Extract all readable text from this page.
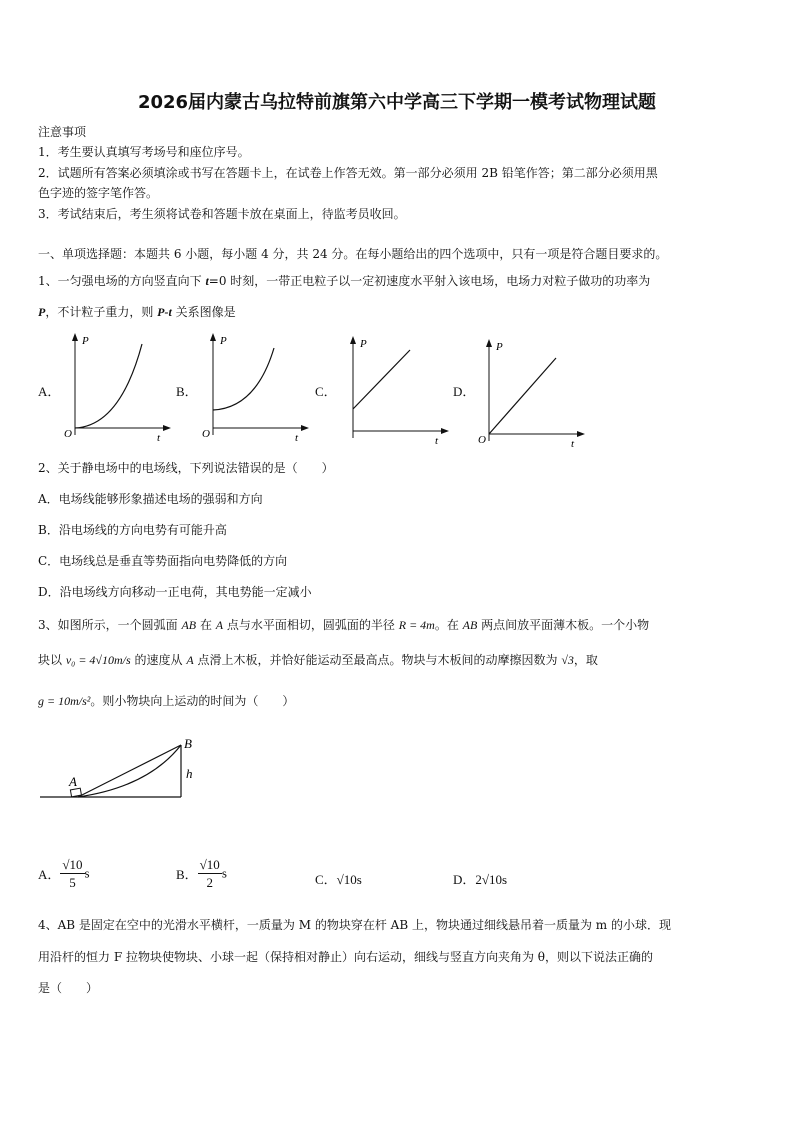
2026届内蒙古乌拉特前旗第六中学高三下学期一模考试物理试题
注意事项
1．考生要认真填写考场号和座位序号。
2．试题所有答案必须填涂或书写在答题卡上，在试卷上作答无效。第一部分必须用 2B 铅笔作答；第二部分必须用黑
色字迹的签字笔作答。
3．考试结束后，考生须将试卷和答题卡放在桌面上，待监考员收回。
一、单项选择题：本题共 6 小题，每小题 4 分，共 24 分。在每小题给出的四个选项中，只有一项是符合题目要求的。
1、一匀强电场的方向竖直向下 t=0 时刻，一带正电粒子以一定初速度水平射入该电场，电场力对粒子做功的功率为
P，不计粒子重力，则 P-t 关系图像是
A．	B．	C．	D．
P
O	t
P
O	t
P
t
P
O	t
2、关于静电场中的电场线，下列说法错误的是（　　）
A．电场线能够形象描述电场的强弱和方向
B．沿电场线的方向电势有可能升高
C．电场线总是垂直等势面指向电势降低的方向
D．沿电场线方向移动一正电荷，其电势能一定减小
3、如图所示，一个圆弧面 AB 在 A 点与水平面相切，圆弧面的半径 R = 4m。在 AB 两点间放平面薄木板。一个小物
块以 v₀ = 4√10m/s 的速度从 A 点滑上木板，并恰好能运动至最高点。物块与木板间的动摩擦因数为 √3，取
g = 10m/s²。则小物块向上运动的时间为（　　）
A
B
h
A． $\frac{√10}{5}$ s	B． $\frac{√10}{2}$ s	C．√10s	D．2√10s
4、AB 是固定在空中的光滑水平横杆，一质量为 M 的物块穿在杆 AB 上，物块通过细线悬吊着一质量为 m 的小球．现
用沿杆的恒力 F 拉物块使物块、小球一起（保持相对静止）向右运动，细线与竖直方向夹角为 θ，则以下说法正确的
是（　　）
